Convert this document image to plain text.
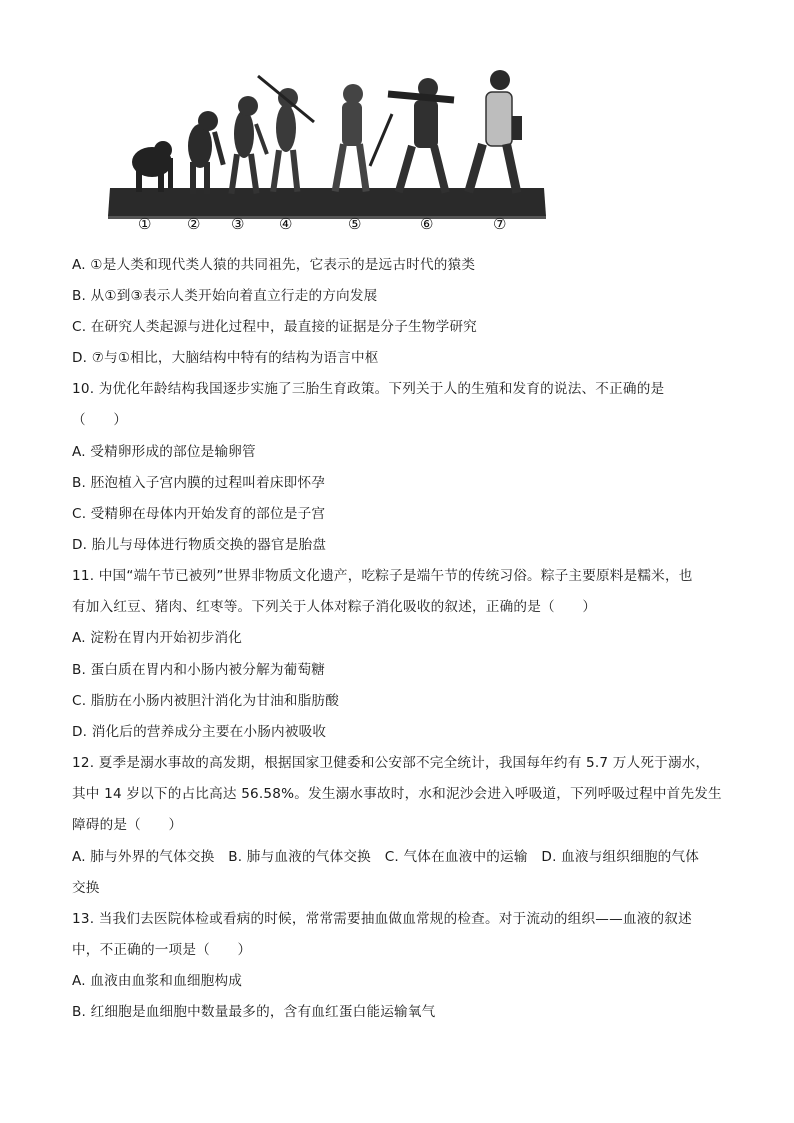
① ② ③ ④	⑤	⑥	⑦
A. ①是人类和现代类人猿的共同祖先，它表示的是远古时代的猿类
B. 从①到③表示人类开始向着直立行走的方向发展
C. 在研究人类起源与进化过程中，最直接的证据是分子生物学研究
D. ⑦与①相比，大脑结构中特有的结构为语言中枢
10. 为优化年龄结构我国逐步实施了三胎生育政策。下列关于人的生殖和发育的说法、不正确的是
（　　）
A. 受精卵形成的部位是输卵管
B. 胚泡植入子宫内膜的过程叫着床即怀孕
C. 受精卵在母体内开始发育的部位是子宫
D. 胎儿与母体进行物质交换的器官是胎盘
11. 中国“端午节已被列”世界非物质文化遗产，吃粽子是端午节的传统习俗。粽子主要原料是糯米，也
有加入红豆、猪肉、红枣等。下列关于人体对粽子消化吸收的叙述，正确的是（　　）
A. 淀粉在胃内开始初步消化
B. 蛋白质在胃内和小肠内被分解为葡萄糖
C. 脂肪在小肠内被胆汁消化为甘油和脂肪酸
D. 消化后的营养成分主要在小肠内被吸收
12. 夏季是溺水事故的高发期，根据国家卫健委和公安部不完全统计，我国每年约有 5.7 万人死于溺水，
其中 14 岁以下的占比高达 56.58%。发生溺水事故时，水和泥沙会进入呼吸道，下列呼吸过程中首先发生
障碍的是（　　）
A. 肺与外界的气体交换　B. 肺与血液的气体交换　C. 气体在血液中的运输　D. 血液与组织细胞的气体
交换
13. 当我们去医院体检或看病的时候，常常需要抽血做血常规的检查。对于流动的组织——血液的叙述
中，不正确的一项是（　　）
A. 血液由血浆和血细胞构成
B. 红细胞是血细胞中数量最多的，含有血红蛋白能运输氧气
